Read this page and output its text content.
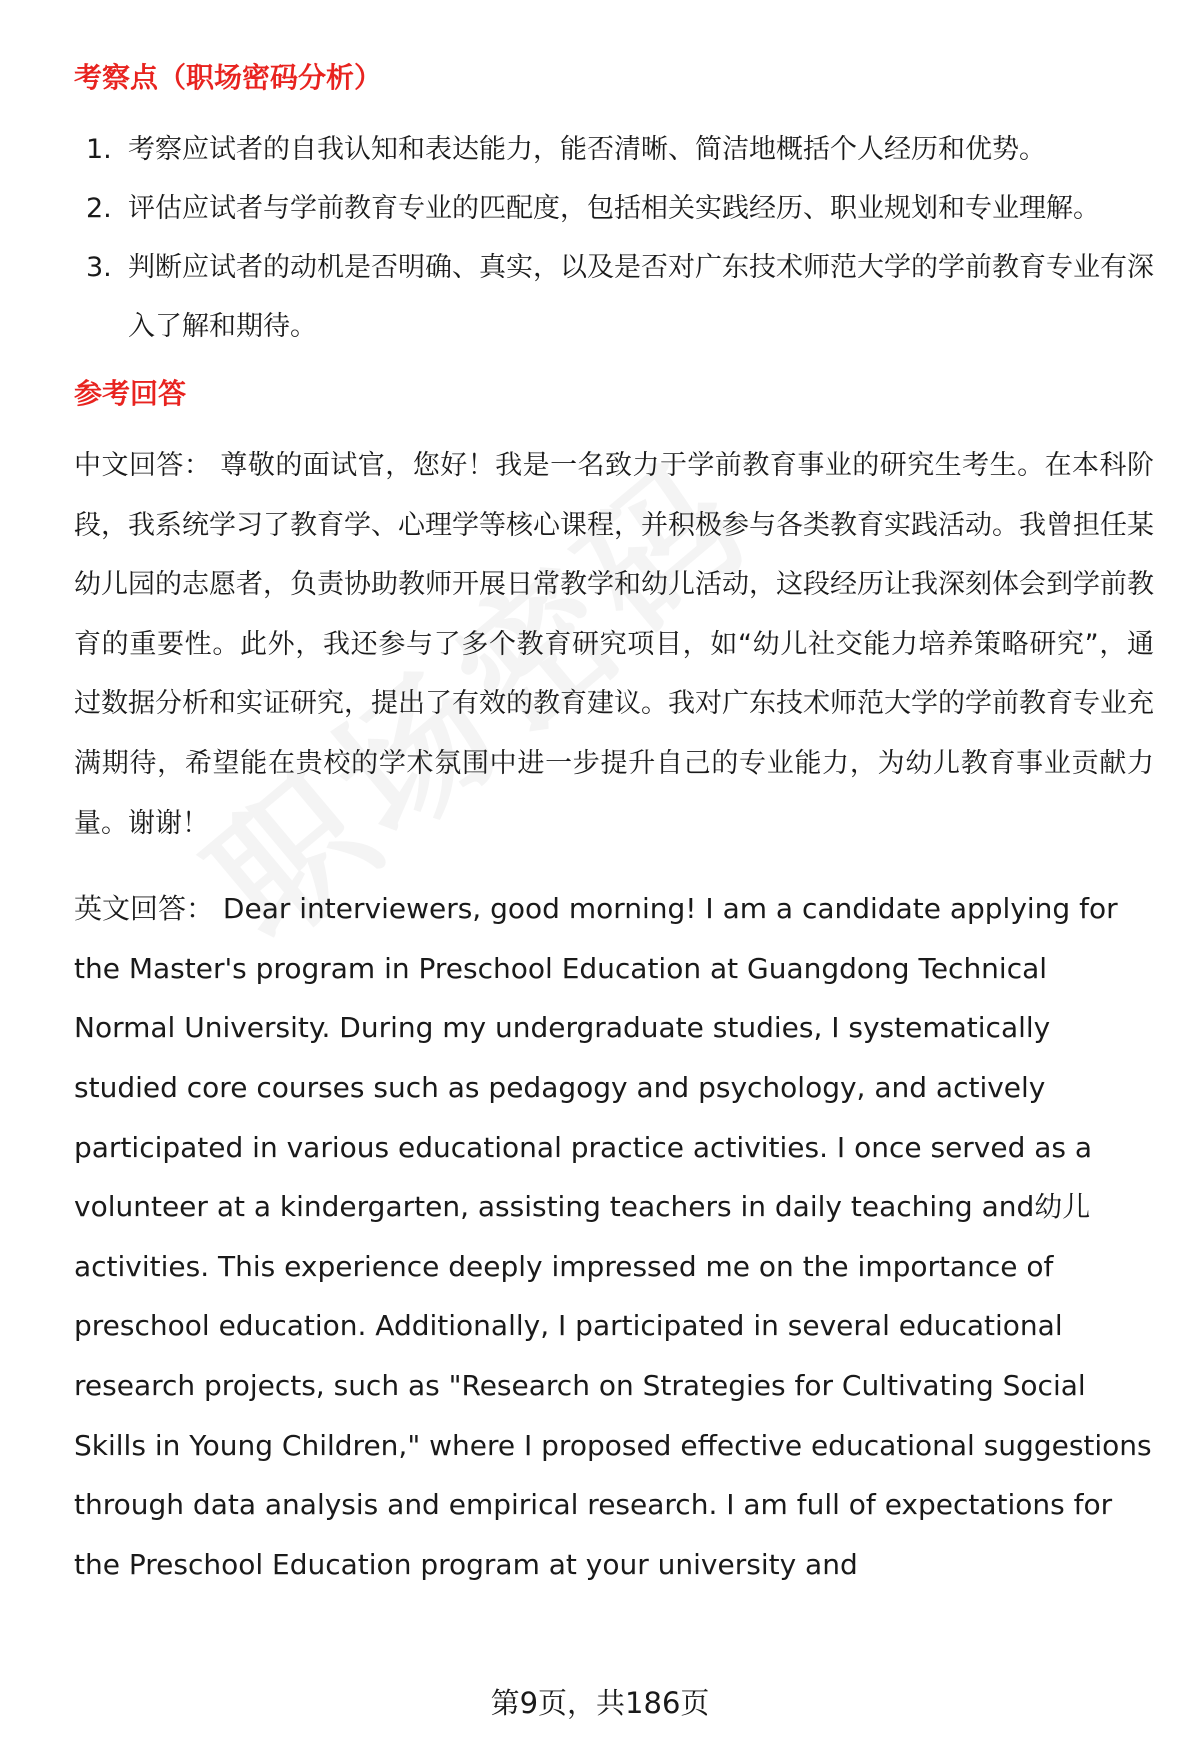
考察点（职场密码分析）
1. 考察应试者的自我认知和表达能力，能否清晰、简洁地概括个人经历和优势。
2. 评估应试者与学前教育专业的匹配度，包括相关实践经历、职业规划和专业理解。
3. 判断应试者的动机是否明确、真实，以及是否对广东技术师范大学的学前教育专业有深入了解和期待。
参考回答

中文回答： 尊敬的面试官，您好！我是一名致力于学前教育事业的研究生考生。在本科阶段，我系统学习了教育学、心理学等核心课程，并积极参与各类教育实践活动。我曾担任某幼儿园的志愿者，负责协助教师开展日常教学和幼儿活动，这段经历让我深刻体会到学前教育的重要性。此外，我还参与了多个教育研究项目，如“幼儿社交能力培养策略研究”，通过数据分析和实证研究，提出了有效的教育建议。我对广东技术师范大学的学前教育专业充满期待，希望能在贵校的学术氛围中进一步提升自己的专业能力，为幼儿教育事业贡献力量。谢谢！

英文回答： Dear interviewers, good morning! I am a candidate applying for the Master's program in Preschool Education at Guangdong Technical Normal University. During my undergraduate studies, I systematically studied core courses such as pedagogy and psychology, and actively participated in various educational practice activities. I once served as a volunteer at a kindergarten, assisting teachers in daily teaching and幼儿 activities. This experience deeply impressed me on the importance of preschool education. Additionally, I participated in several educational research projects, such as "Research on Strategies for Cultivating Social Skills in Young Children," where I proposed effective educational suggestions through data analysis and empirical research. I am full of expectations for the Preschool Education program at your university and

第9页，共186页
